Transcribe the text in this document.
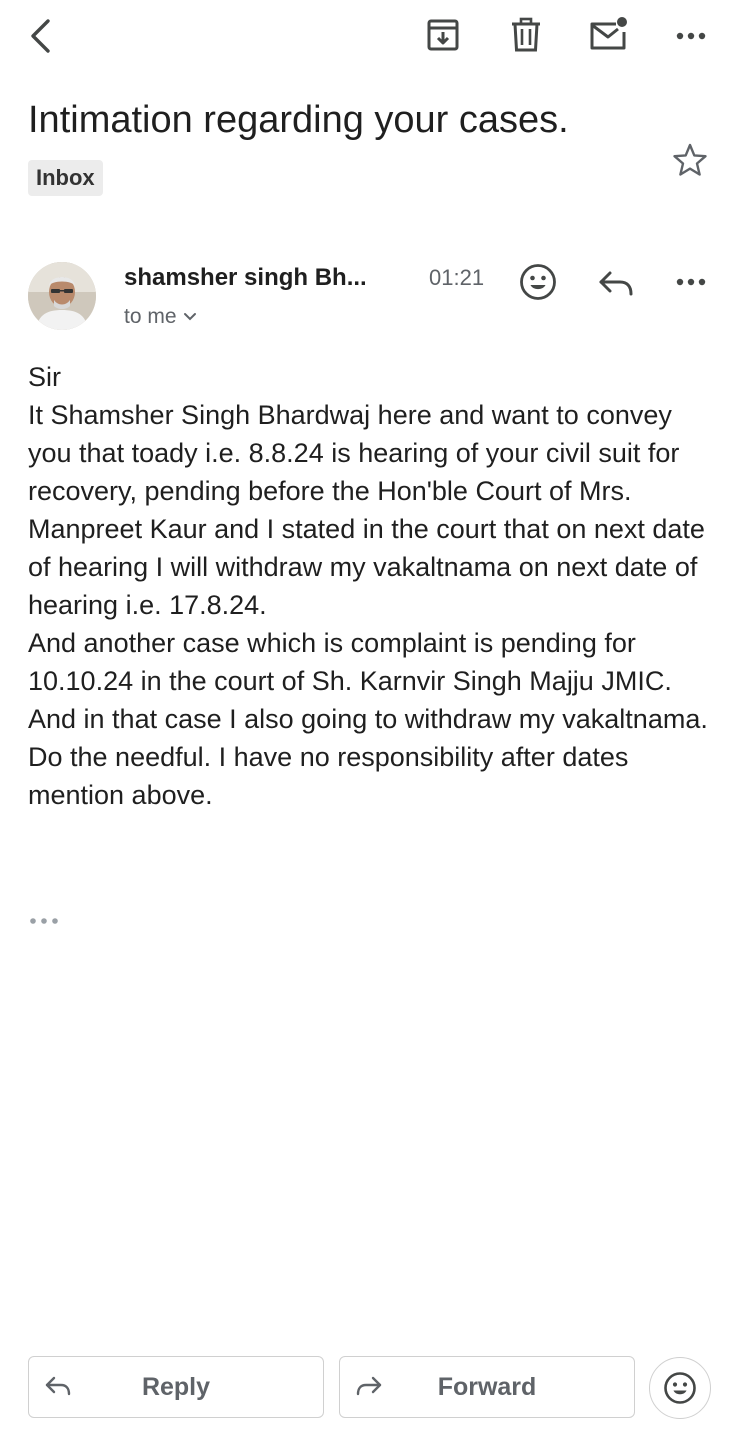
Intimation regarding your cases.
Inbox
shamsher singh Bh...	01:21
to me

Sir

It Shamsher Singh Bhardwaj here and want to convey you that toady i.e. 8.8.24 is hearing of your civil suit for recovery, pending before the Hon'ble Court of Mrs. Manpreet Kaur and I stated in the court that on next date of hearing I will withdraw my vakaltnama on next date of hearing i.e. 17.8.24.

And another case which is complaint is pending for 10.10.24 in the court of Sh. Karnvir Singh Majju JMIC. And in that case I also going to withdraw my vakaltnama.

Do the needful. I have no responsibility after dates mention above.

Reply	Forward
